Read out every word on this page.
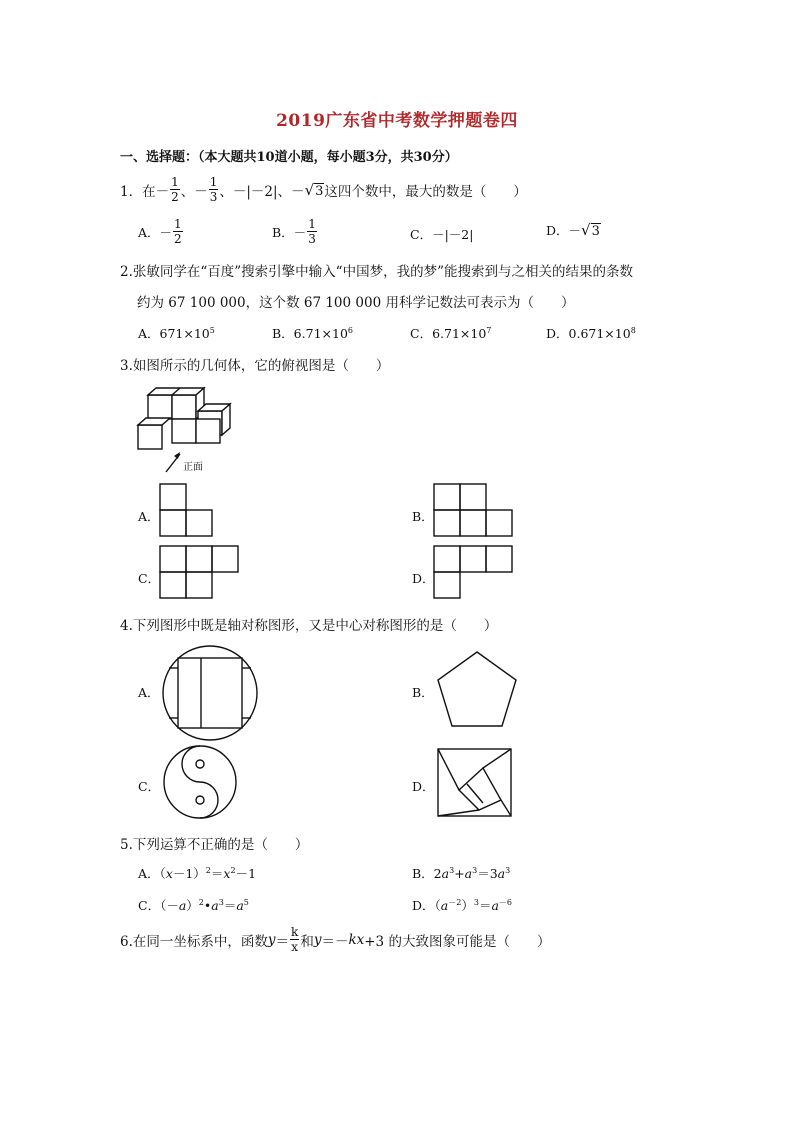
2019广东省中考数学押题卷四
一、选择题：（本大题共10道小题，每小题3分，共30分）
1．在－ $\frac{1}{2}$ 、－ $\frac{1}{3}$ 、－|－2|、－ √3 这四个数中，最大的数是（　　）
A．－ $\frac{1}{2}$	B．－ $\frac{1}{3}$	C．－|－2|	D．－ √3
2.张敏同学在“百度”搜索引擎中输入“中国梦，我的梦”能搜索到与之相关的结果的条数
约为 67 100 000，这个数 67 100 000 用科学记数法可表示为（　　）
A．$671\times 10^5$	B．$6.71\times 10^6$	C．$6.71\times 10^7$	D．$0.671\times 10^8$
3.如图所示的几何体，它的俯视图是（　　）
正面
A．	B．
C．	D．
4.下列图形中既是轴对称图形，又是中心对称图形的是（　　）
A．	B．
C．	D．
5.下列运算不正确的是（　　）
A．$(x-1)^2=x^2-1$	B．$2a^3+a^3=3a^3$
C．$(-a)^2•a^3=a^5$	D．$(a^{-2})^3=a^{-6}$
6.在同一坐标系中，函数 $y = \frac{k}{x}$ 和 y ＝－ kx +3 的大致图象可能是（　　）
